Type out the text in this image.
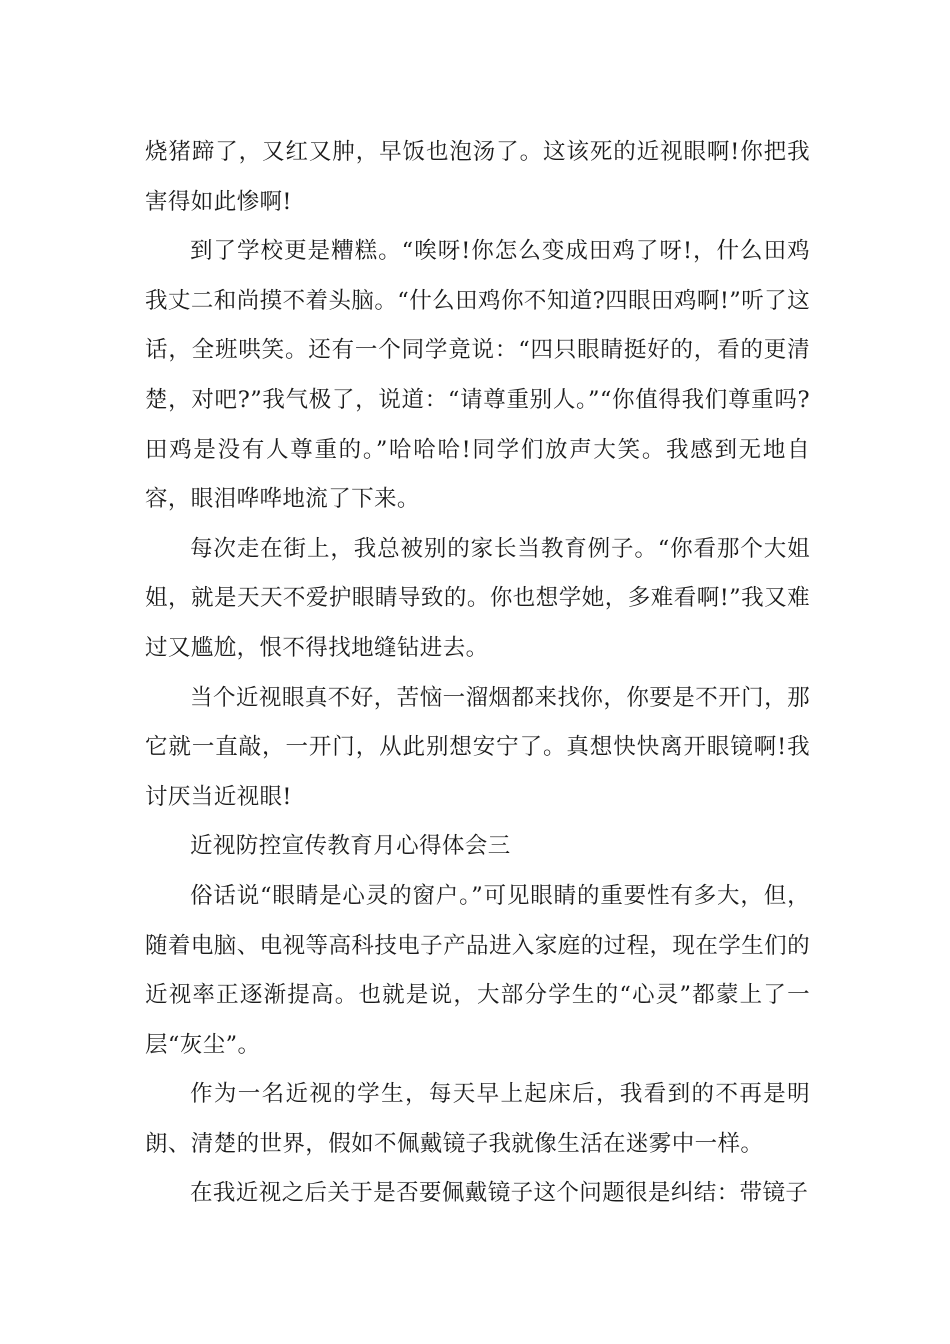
烧猪蹄了，又红又肿，早饭也泡汤了。这该死的近视眼啊!你把我害得如此惨啊!

到了学校更是糟糕。“唉呀!你怎么变成田鸡了呀!，什么田鸡我丈二和尚摸不着头脑。“什么田鸡你不知道?四眼田鸡啊!”听了这话，全班哄笑。还有一个同学竟说：“四只眼睛挺好的，看的更清楚，对吧?”我气极了，说道：“请尊重别人。”“你值得我们尊重吗?田鸡是没有人尊重的。”哈哈哈!同学们放声大笑。我感到无地自容，眼泪哗哗地流了下来。

每次走在街上，我总被别的家长当教育例子。“你看那个大姐姐，就是天天不爱护眼睛导致的。你也想学她，多难看啊!”我又难过又尴尬，恨不得找地缝钻进去。

当个近视眼真不好，苦恼一溜烟都来找你，你要是不开门，那它就一直敲，一开门，从此别想安宁了。真想快快离开眼镜啊!我讨厌当近视眼!

近视防控宣传教育月心得体会三

俗话说“眼睛是心灵的窗户。”可见眼睛的重要性有多大，但，随着电脑、电视等高科技电子产品进入家庭的过程，现在学生们的近视率正逐渐提高。也就是说，大部分学生的“心灵”都蒙上了一层“灰尘”。

作为一名近视的学生，每天早上起床后，我看到的不再是明朗、清楚的世界，假如不佩戴镜子我就像生活在迷雾中一样。

在我近视之后关于是否要佩戴镜子这个问题很是纠结：带镜子
